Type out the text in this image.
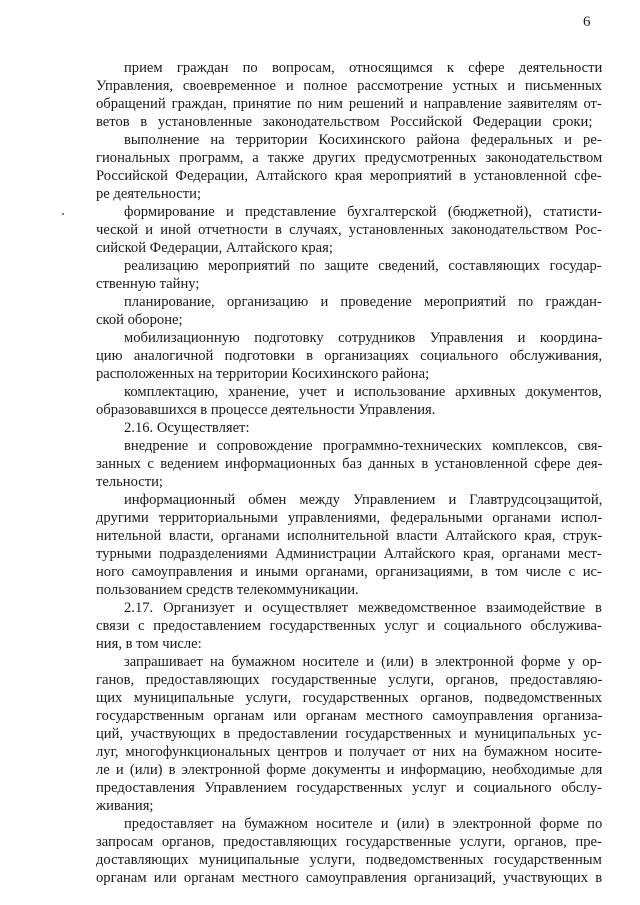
6
прием граждан по вопросам, относящимся к сфере деятельности
Управления, своевременное и полное рассмотрение устных и письменных
обращений граждан, принятие по ним решений и направление заявителям от-
ветов в установленные законодательством Российской Федерации сроки;
выполнение на территории Косихинского района федеральных и ре-
гиональных программ, а также других предусмотренных законодательством
Российской Федерации, Алтайского края мероприятий в установленной сфе-
ре деятельности;
формирование и представление бухгалтерской (бюджетной), статисти-
ческой и иной отчетности в случаях, установленных законодательством Рос-
сийской Федерации, Алтайского края;
реализацию мероприятий по защите сведений, составляющих государ-
ственную тайну;
планирование, организацию и проведение мероприятий по граждан-
ской обороне;
мобилизационную подготовку сотрудников Управления и координа-
цию аналогичной подготовки в организациях социального обслуживания,
расположенных на территории Косихинского района;
комплектацию, хранение, учет и использование архивных документов,
образовавшихся в процессе деятельности Управления.
2.16. Осуществляет:
внедрение и сопровождение программно-технических комплексов, свя-
занных с ведением информационных баз данных в установленной сфере дея-
тельности;
информационный обмен между Управлением и Главтрудсоцзащитой,
другими территориальными управлениями, федеральными органами испол-
нительной власти, органами исполнительной власти Алтайского края, струк-
турными подразделениями Администрации Алтайского края, органами мест-
ного самоуправления и иными органами, организациями, в том числе с ис-
пользованием средств телекоммуникации.
2.17. Организует и осуществляет межведомственное взаимодействие в
связи с предоставлением государственных услуг и социального обслужива-
ния, в том числе:
запрашивает на бумажном носителе и (или) в электронной форме у ор-
ганов, предоставляющих государственные услуги, органов, предоставляю-
щих муниципальные услуги, государственных органов, подведомственных
государственным органам или органам местного самоуправления организа-
ций, участвующих в предоставлении государственных и муниципальных ус-
луг, многофункциональных центров и получает от них на бумажном носите-
ле и (или) в электронной форме документы и информацию, необходимые для
предоставления Управлением государственных услуг и социального обслу-
живания;
предоставляет на бумажном носителе и (или) в электронной форме по
запросам органов, предоставляющих государственные услуги, органов, пре-
доставляющих муниципальные услуги, подведомственных государственным
органам или органам местного самоуправления организаций, участвующих в
